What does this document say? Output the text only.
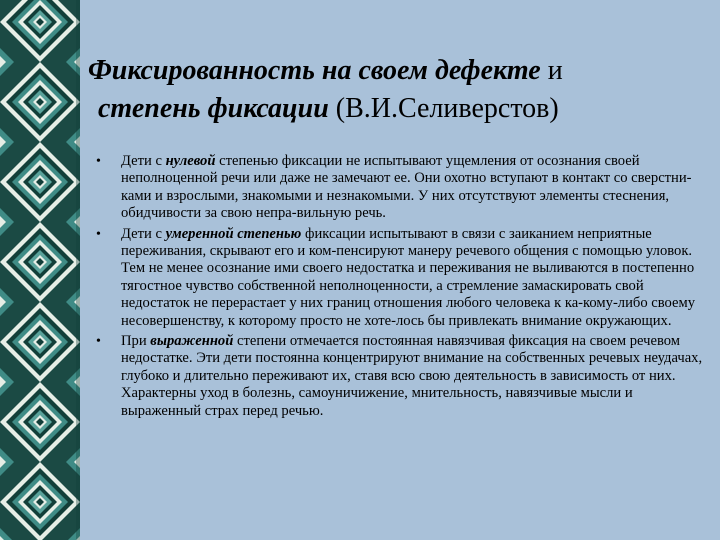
Фиксированность на своем дефекте и
степень фиксации (В.И.Селиверстов)
• Дети с нулевой степенью фиксации не испытывают ущемления от осознания своей неполноценной речи или даже не замечают ее. Они охотно вступают в контакт со сверстни-ками и взрослыми, знакомыми и незнакомыми. У них отсутствуют элементы стеснения, обидчивости за свою непра-вильную речь.
• Дети с умеренной степенью фиксации испытывают в связи с заиканием неприятные переживания, скрывают его и ком-пенсируют манеру речевого общения с помощью уловок. Тем не менее осознание ими своего недостатка и переживания не выливаются в постепенно тягостное чувство собственной неполноценности, а стремление замаскировать свой недостаток не перерастает у них границ отношения любого человека к ка-кому-либо своему несовершенству, к которому просто не хоте-лось бы привлекать внимание окружающих.
• При выраженной степени отмечается постоянная навязчивая фиксация на своем речевом недостатке. Эти дети постоянна концентрируют внимание на собственных речевых неудачах, глубоко и длительно переживают их, ставя всю свою деятельность в зависимость от них. Характерны уход в болезнь, самоуничижение, мнительность, навязчивые мысли и выраженный страх перед речью.
